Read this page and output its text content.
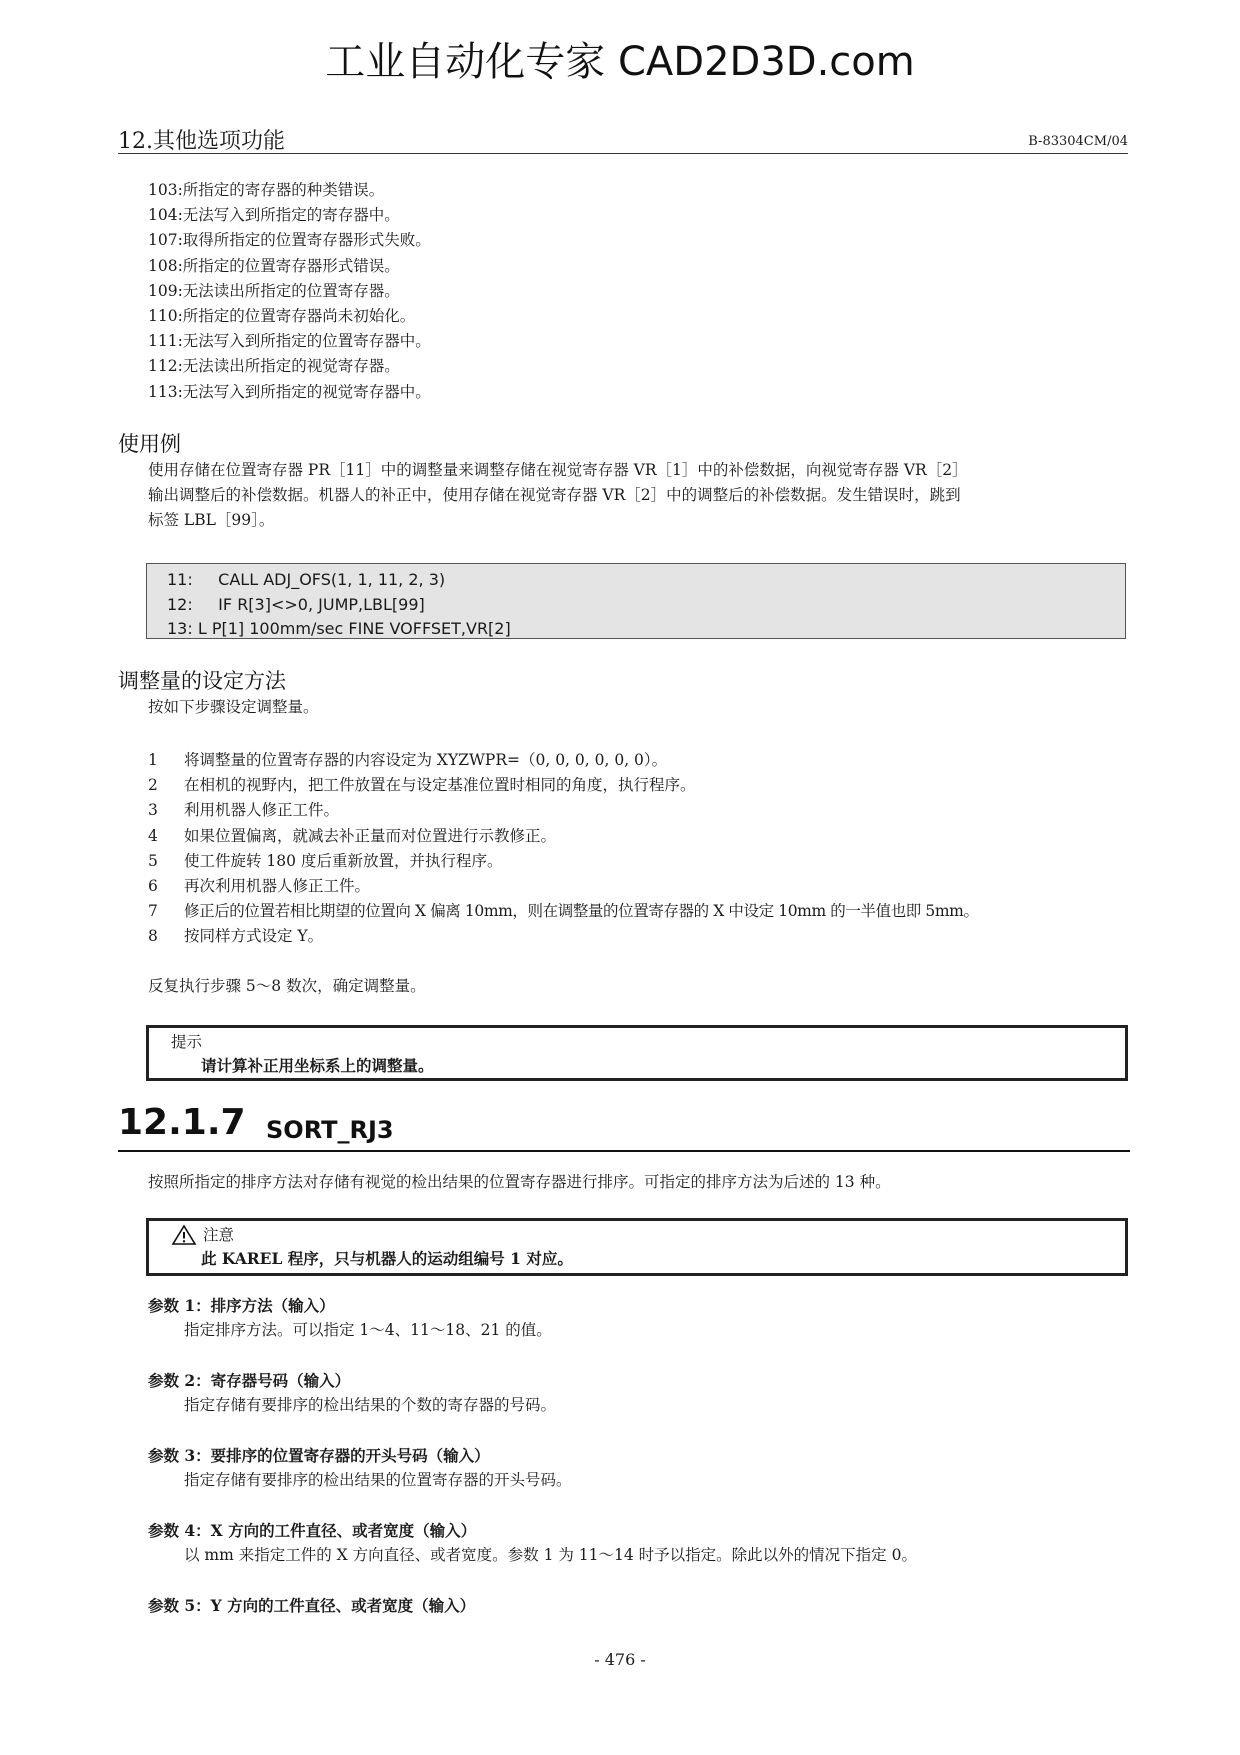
工业自动化专家 CAD2D3D.com
12.其他选项功能	B-83304CM/04
103:所指定的寄存器的种类错误。
104:无法写入到所指定的寄存器中。
107:取得所指定的位置寄存器形式失败。
108:所指定的位置寄存器形式错误。
109:无法读出所指定的位置寄存器。
110:所指定的位置寄存器尚未初始化。
111:无法写入到所指定的位置寄存器中。
112:无法读出所指定的视觉寄存器。
113:无法写入到所指定的视觉寄存器中。
使用例
使用存储在位置寄存器 PR［11］中的调整量来调整存储在视觉寄存器 VR［1］中的补偿数据，向视觉寄存器 VR［2］
输出调整后的补偿数据。机器人的补正中，使用存储在视觉寄存器 VR［2］中的调整后的补偿数据。发生错误时，跳到
标签 LBL［99］。
11:     CALL ADJ_OFS(1, 1, 11, 2, 3)
12:     IF R[3]<>0, JUMP,LBL[99]
13: L P[1] 100mm/sec FINE VOFFSET,VR[2]
调整量的设定方法
按如下步骤设定调整量。
1	将调整量的位置寄存器的内容设定为 XYZWPR=（0, 0, 0, 0, 0, 0）。
2	在相机的视野内，把工件放置在与设定基准位置时相同的角度，执行程序。
3	利用机器人修正工件。
4	如果位置偏离，就减去补正量而对位置进行示教修正。
5	使工件旋转 180 度后重新放置，并执行程序。
6	再次利用机器人修正工件。
7	修正后的位置若相比期望的位置向 X 偏离 10mm，则在调整量的位置寄存器的 X 中设定 10mm 的一半值也即 5mm。
8	按同样方式设定 Y。
反复执行步骤 5～8 数次，确定调整量。
提示
请计算补正用坐标系上的调整量。
12.1.7 SORT_RJ3
按照所指定的排序方法对存储有视觉的检出结果的位置寄存器进行排序。可指定的排序方法为后述的 13 种。
注意
此 KAREL 程序，只与机器人的运动组编号 1 对应。
参数 1：排序方法（输入）
指定排序方法。可以指定 1～4、11～18、21 的值。
参数 2：寄存器号码（输入）
指定存储有要排序的检出结果的个数的寄存器的号码。
参数 3：要排序的位置寄存器的开头号码（输入）
指定存储有要排序的检出结果的位置寄存器的开头号码。
参数 4：X 方向的工件直径、或者宽度（输入）
以 mm 来指定工件的 X 方向直径、或者宽度。参数 1 为 11～14 时予以指定。除此以外的情况下指定 0。
参数 5：Y 方向的工件直径、或者宽度（输入）
- 476 -
